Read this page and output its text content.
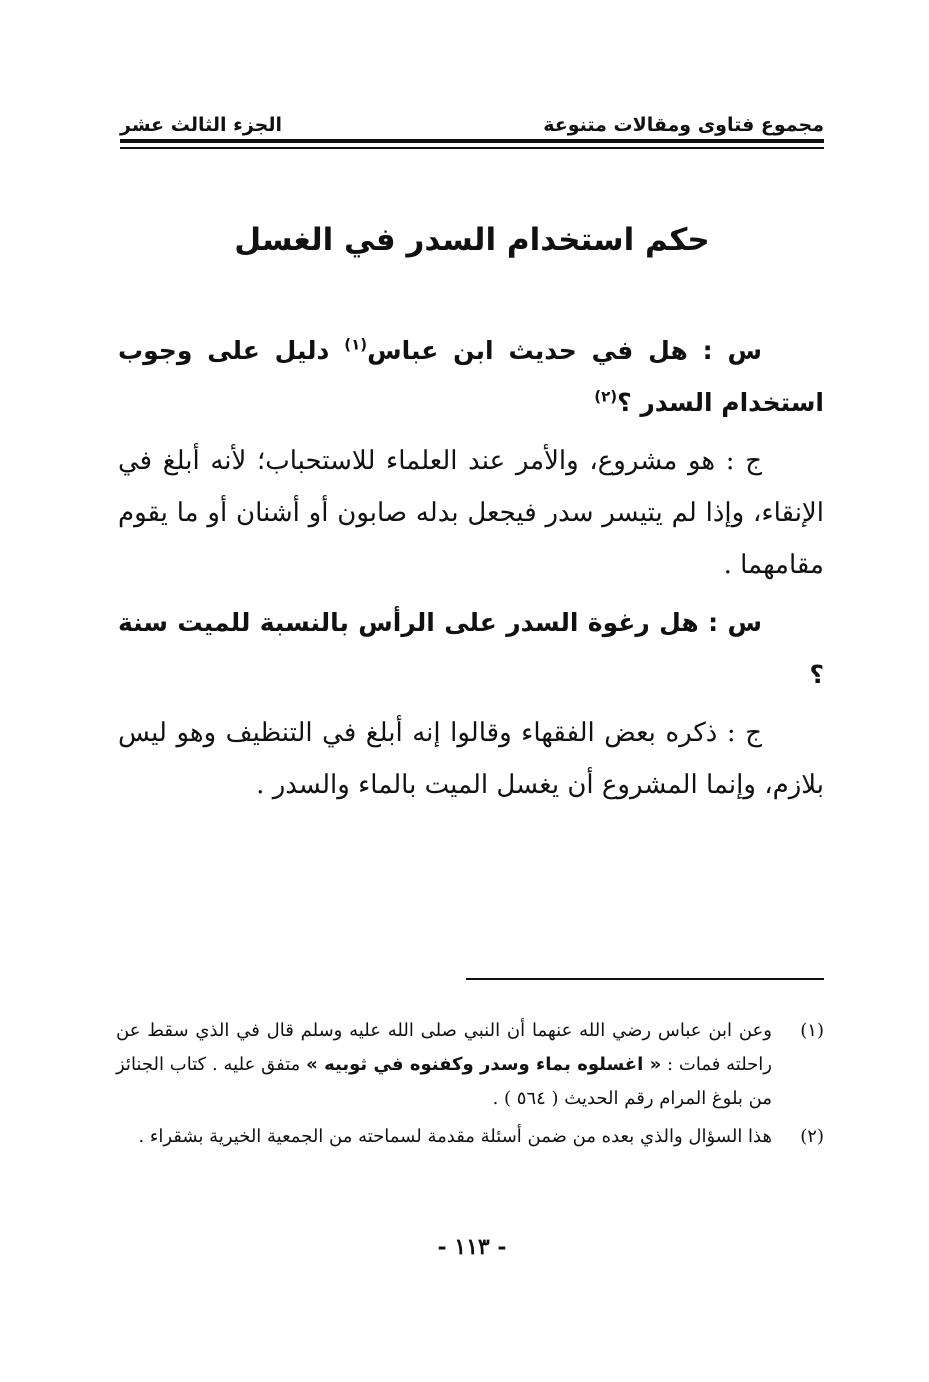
مجموع فتاوى ومقالات متنوعة
الجزء الثالث عشر
حكم استخدام السدر في الغسل

س : هل في حديث ابن عباس$^{(١)}$ دليل على وجوب استخدام السدر ؟$^{(٢)}$

ج : هو مشروع، والأمر عند العلماء للاستحباب؛ لأنه أبلغ في الإنقاء، وإذا لم يتيسر سدر فيجعل بدله صابون أو أشنان أو ما يقوم مقامهما .

س : هل رغوة السدر على الرأس بالنسبة للميت سنة ؟

ج : ذكره بعض الفقهاء وقالوا إنه أبلغ في التنظيف وهو ليس بلازم، وإنما المشروع أن يغسل الميت بالماء والسدر .

(١)
وعن ابن عباس رضي الله عنهما أن النبي صلى الله عليه وسلم قال في الذي سقط عن راحلته فمات : « اغسلوه بماء وسدر وكفنوه في ثوبيه » متفق عليه . كتاب الجنائز من بلوغ المرام رقم الحديث ( ٥٦٤ ) .
(٢)
هذا السؤال والذي بعده من ضمن أسئلة مقدمة لسماحته من الجمعية الخيرية بشقراء .
- ١١٣ -
